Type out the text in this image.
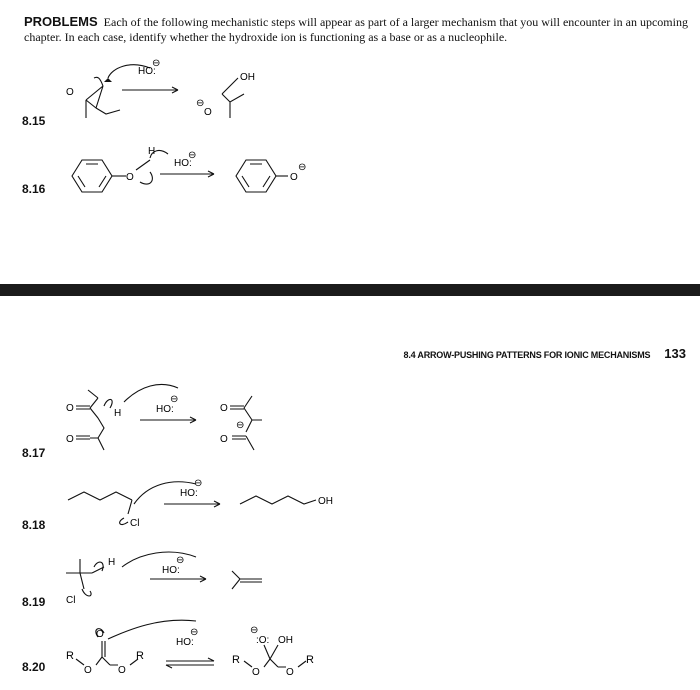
PROBLEMS Each of the following mechanistic steps will appear as part of a larger mechanism that you will encounter in an upcoming chapter. In each case, identify whether the hydroxide ion is functioning as a base or as a nucleophile.
8.4 ARROW-PUSHING PATTERNS FOR IONIC MECHANISMS 133
8.15
8.16
8.17
8.18
8.19
8.20
O
HO:
⊖
OH
⊖
O
O
H
HO:
⊖
O
⊖
O
O
H	HO:
⊖
O
⊖
O
Cl
HO:
⊖
OH
Cl
H
HO:
⊖
O
R
O	O
R
HO:
⊖
:O:
⊖
OH
R
O	O
R
